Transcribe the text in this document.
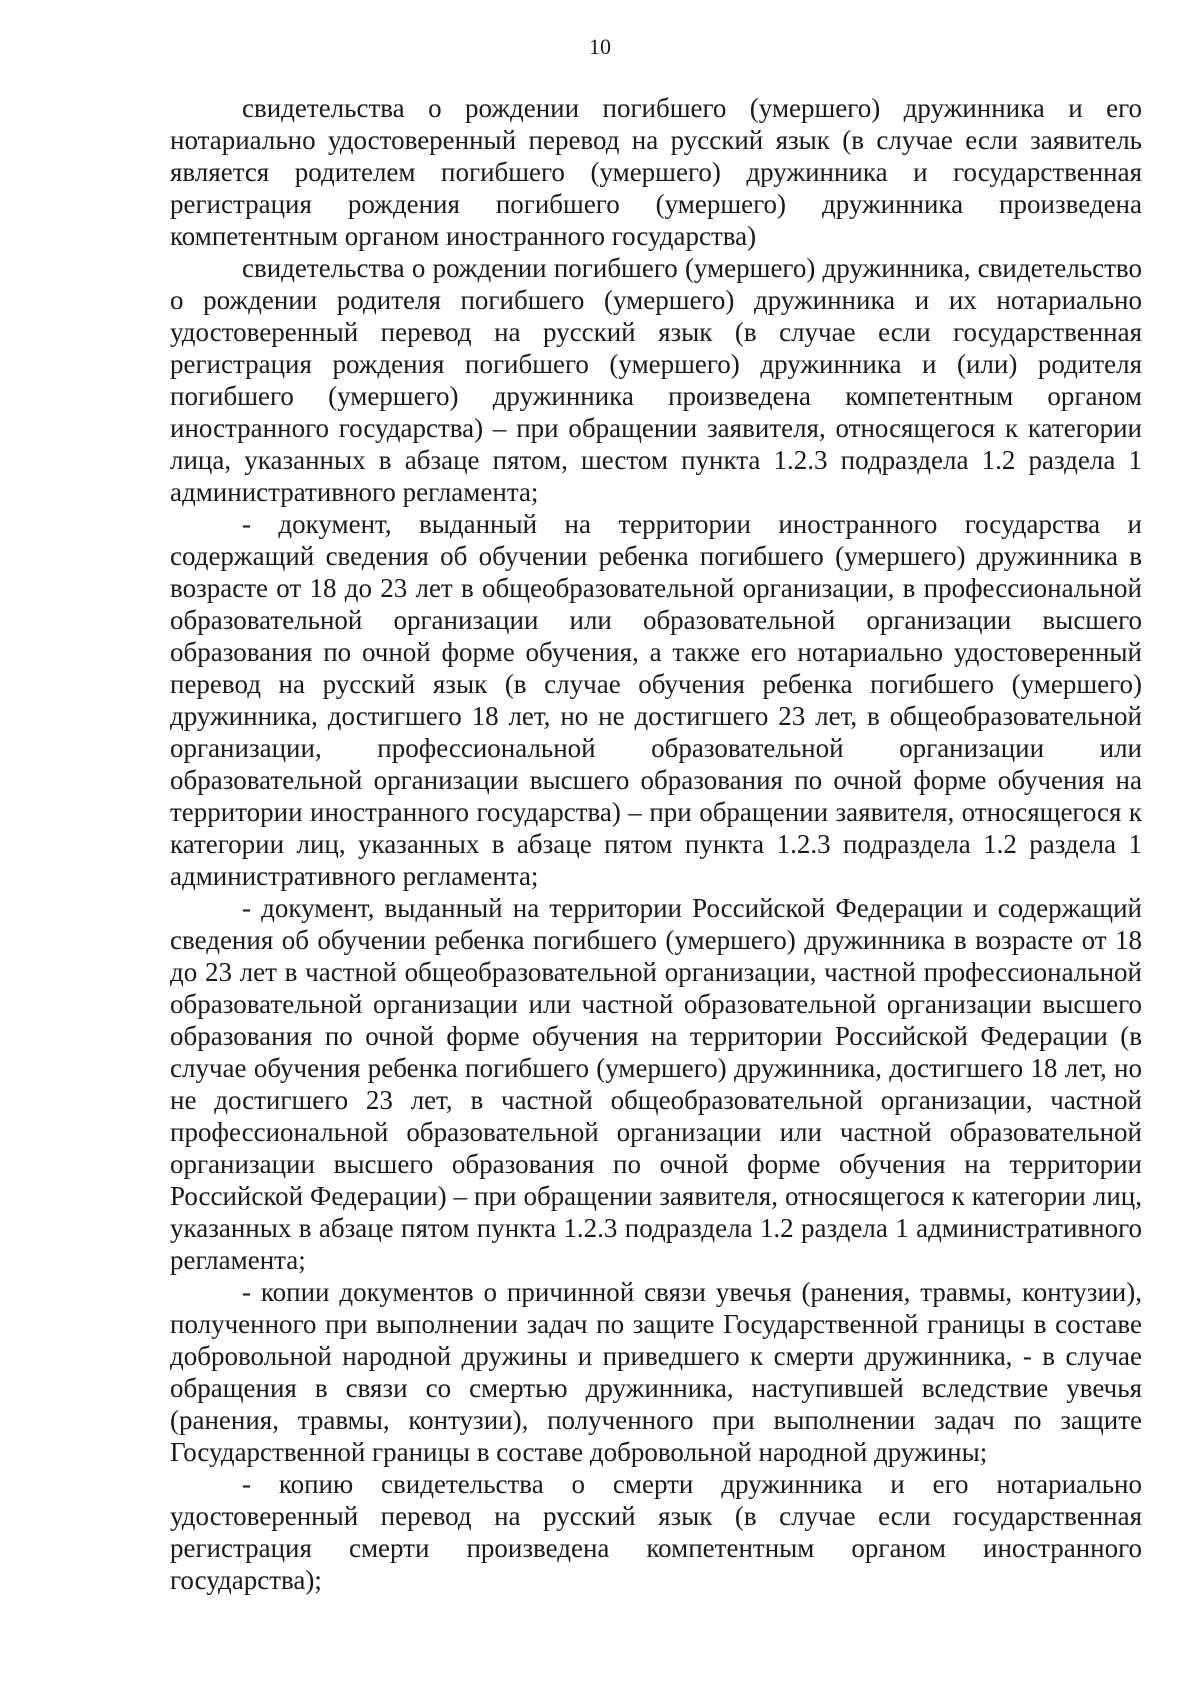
10

свидетельства о рождении погибшего (умершего) дружинника и его нотариально удостоверенный перевод на русский язык (в случае если заявитель является родителем погибшего (умершего) дружинника и государственная регистрация рождения погибшего (умершего) дружинника произведена компетентным органом иностранного государства)

свидетельства о рождении погибшего (умершего) дружинника, свидетельство о рождении родителя погибшего (умершего) дружинника и их нотариально удостоверенный перевод на русский язык (в случае если государственная регистрация рождения погибшего (умершего) дружинника и (или) родителя погибшего (умершего) дружинника произведена компетентным органом иностранного государства) – при обращении заявителя, относящегося к категории лица, указанных в абзаце пятом, шестом пункта 1.2.3 подраздела 1.2 раздела 1 административного регламента;

- документ, выданный на территории иностранного государства и содержащий сведения об обучении ребенка погибшего (умершего) дружинника в возрасте от 18 до 23 лет в общеобразовательной организации, в профессиональной образовательной организации или образовательной организации высшего образования по очной форме обучения, а также его нотариально удостоверенный перевод на русский язык (в случае обучения ребенка погибшего (умершего) дружинника, достигшего 18 лет, но не достигшего 23 лет, в общеобразовательной организации, профессиональной образовательной организации или образовательной организации высшего образования по очной форме обучения на территории иностранного государства) – при обращении заявителя, относящегося к категории лиц, указанных в абзаце пятом пункта 1.2.3 подраздела 1.2 раздела 1 административного регламента;

- документ, выданный на территории Российской Федерации и содержащий сведения об обучении ребенка погибшего (умершего) дружинника в возрасте от 18 до 23 лет в частной общеобразовательной организации, частной профессиональной образовательной организации или частной образовательной организации высшего образования по очной форме обучения на территории Российской Федерации (в случае обучения ребенка погибшего (умершего) дружинника, достигшего 18 лет, но не достигшего 23 лет, в частной общеобразовательной организации, частной профессиональной образовательной организации или частной образовательной организации высшего образования по очной форме обучения на территории Российской Федерации) – при обращении заявителя, относящегося к категории лиц, указанных в абзаце пятом пункта 1.2.3 подраздела 1.2 раздела 1 административного регламента;

- копии документов о причинной связи увечья (ранения, травмы, контузии), полученного при выполнении задач по защите Государственной границы в составе добровольной народной дружины и приведшего к смерти дружинника, - в случае обращения в связи со смертью дружинника, наступившей вследствие увечья (ранения, травмы, контузии), полученного при выполнении задач по защите Государственной границы в составе добровольной народной дружины;

- копию свидетельства о смерти дружинника и его нотариально удостоверенный перевод на русский язык (в случае если государственная регистрация смерти произведена компетентным органом иностранного государства);
